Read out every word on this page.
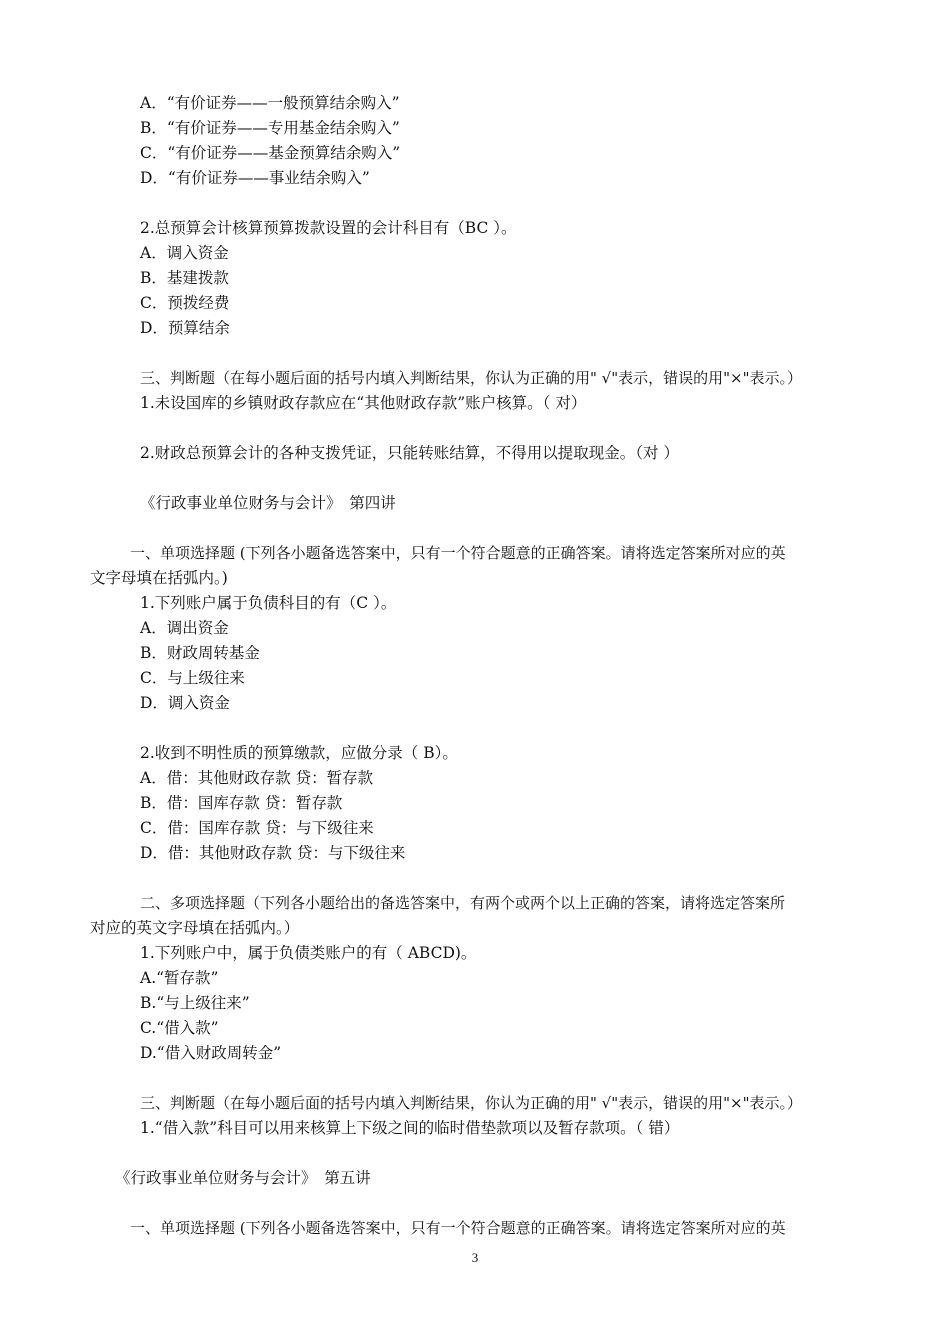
A．“有价证券——一般预算结余购入”
B．“有价证券——专用基金结余购入”
C．“有价证券——基金预算结余购入”
D．“有价证券——事业结余购入”
2.总预算会计核算预算拨款设置的会计科目有（BC ）。
A．调入资金
B．基建拨款
C．预拨经费
D．预算结余
三、判断题（在每小题后面的括号内填入判断结果，你认为正确的用" √"表示，错误的用"×"表示。）
1.未设国库的乡镇财政存款应在“其他财政存款”账户核算。（ 对）
2.财政总预算会计的各种支拨凭证，只能转账结算，不得用以提取现金。（对 ）
《行政事业单位财务与会计》　第四讲
一、单项选择题 (下列各小题备选答案中，只有一个符合题意的正确答案。请将选定答案所对应的英
文字母填在括弧内。)
1.下列账户属于负债科目的有（C ）。
A．调出资金
B．财政周转基金
C．与上级往来
D．调入资金
2.收到不明性质的预算缴款，应做分录（ B）。
A．借：其他财政存款 贷：暂存款
B．借：国库存款 贷：暂存款
C．借：国库存款 贷：与下级往来
D．借：其他财政存款 贷：与下级往来
二、多项选择题（下列各小题给出的备选答案中，有两个或两个以上正确的答案，请将选定答案所
对应的英文字母填在括弧内。）
1.下列账户中，属于负债类账户的有（ ABCD)。
A.“暂存款”
B.“与上级往来”
C.“借入款”
D.“借入财政周转金”
三、判断题（在每小题后面的括号内填入判断结果，你认为正确的用" √"表示，错误的用"×"表示。）
1.“借入款”科目可以用来核算上下级之间的临时借垫款项以及暂存款项。（ 错）
《行政事业单位财务与会计》　第五讲
一、单项选择题 (下列各小题备选答案中，只有一个符合题意的正确答案。请将选定答案所对应的英
3
